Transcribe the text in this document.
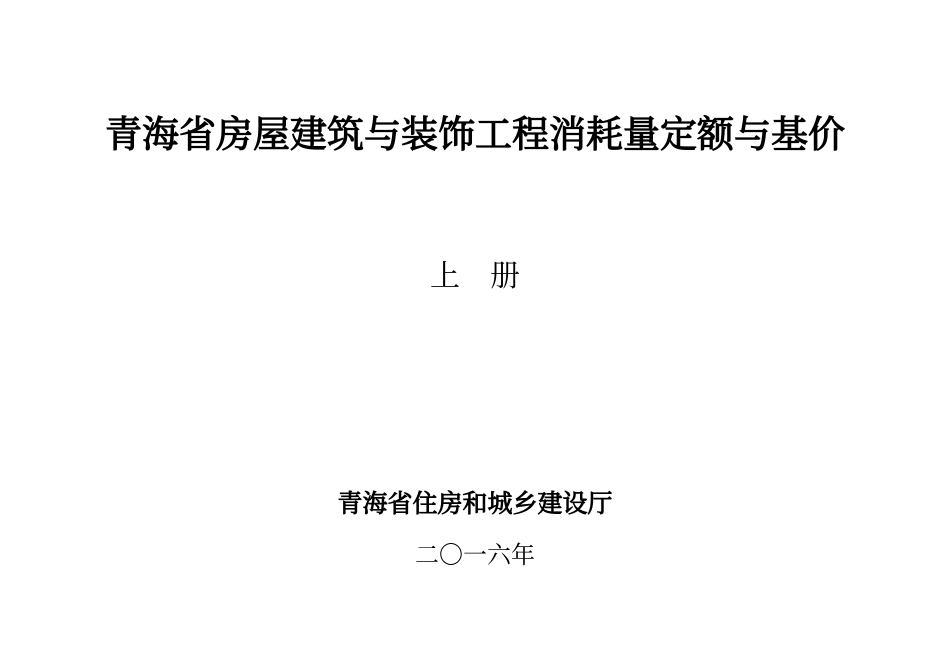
青海省房屋建筑与装饰工程消耗量定额与基价
上　册
青海省住房和城乡建设厅
二〇一六年
